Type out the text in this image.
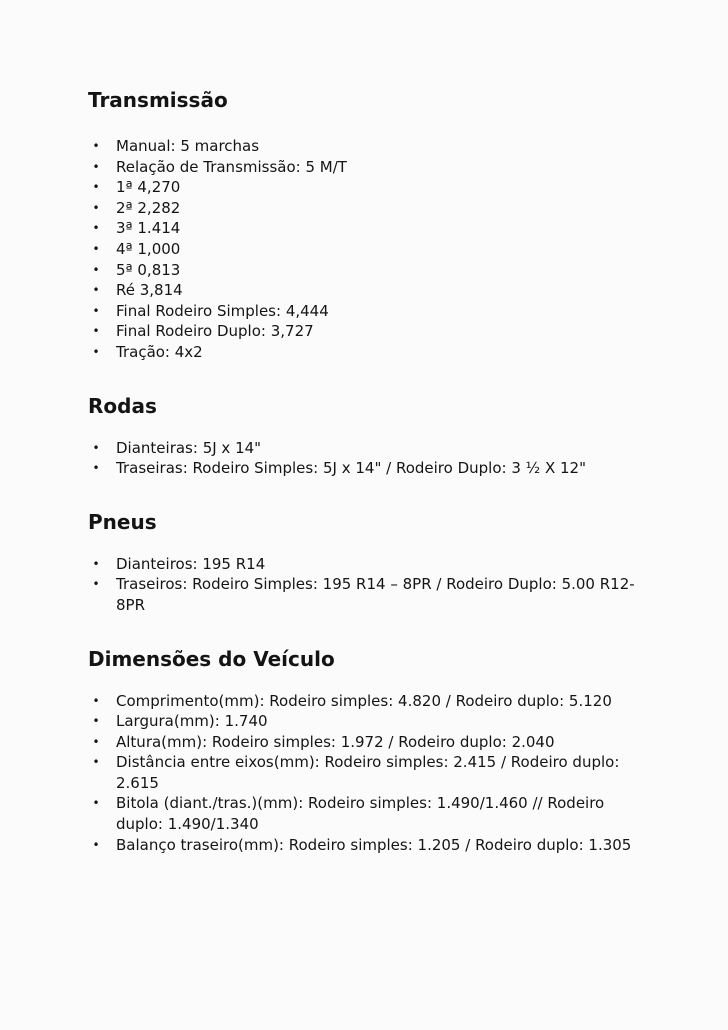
Transmissão
• Manual: 5 marchas
• Relação de Transmissão: 5 M/T
• 1ª 4,270
• 2ª 2,282
• 3ª 1.414
• 4ª 1,000
• 5ª 0,813
• Ré 3,814
• Final Rodeiro Simples: 4,444
• Final Rodeiro Duplo: 3,727
• Tração: 4x2
Rodas
• Dianteiras: 5J x 14"
• Traseiras: Rodeiro Simples: 5J x 14" / Rodeiro Duplo: 3 ½ X 12"
Pneus
• Dianteiros: 195 R14
• Traseiros: Rodeiro Simples: 195 R14 – 8PR / Rodeiro Duplo: 5.00 R12- 8PR
Dimensões do Veículo
• Comprimento(mm): Rodeiro simples: 4.820 / Rodeiro duplo: 5.120
• Largura(mm): 1.740
• Altura(mm): Rodeiro simples: 1.972 / Rodeiro duplo: 2.040
• Distância entre eixos(mm): Rodeiro simples: 2.415 / Rodeiro duplo: 2.615
• Bitola (diant./tras.)(mm): Rodeiro simples: 1.490/1.460 // Rodeiro duplo: 1.490/1.340
• Balanço traseiro(mm): Rodeiro simples: 1.205 / Rodeiro duplo: 1.305
